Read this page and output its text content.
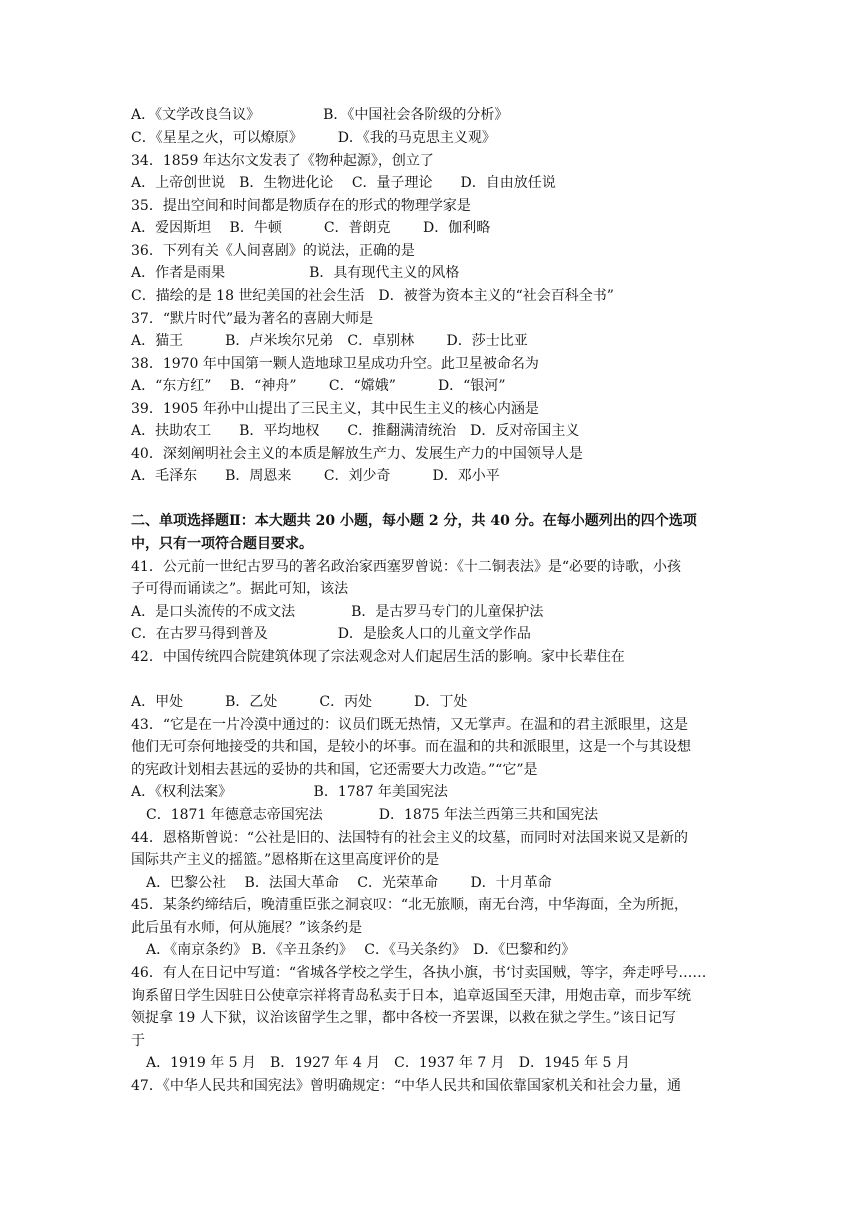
A．《文学改良刍议》　　　　　B．《中国社会各阶级的分析》
C．《星星之火，可以燎原》　　　D．《我的马克思主义观》
34．1859 年达尔文发表了《物种起源》，创立了
A．上帝创世说　B．生物进化论　 C．量子理论　　D．自由放任说
35．提出空间和时间都是物质存在的形式的物理学家是
A．爱因斯坦　 B．牛顿　　　C．普朗克　　 D．伽利略
36．下列有关《人间喜剧》的说法，正确的是
A．作者是雨果　　　　　　B．具有现代主义的风格
C．描绘的是 18 世纪美国的社会生活　D．被誉为资本主义的“社会百科全书”
37．“默片时代”最为著名的喜剧大师是
A．猫王　　　B．卢米埃尔兄弟　C．卓别林　　 D．莎士比亚
38．1970 年中国第一颗人造地球卫星成功升空。此卫星被命名为
A．“东方红”　 B．“神舟”　　 C．“嫦娥”　　　D．“银河”
39．1905 年孙中山提出了三民主义，其中民生主义的核心内涵是
A．扶助农工　　B．平均地权　　C．推翻满清统治　D．反对帝国主义
40．深刻阐明社会主义的本质是解放生产力、发展生产力的中国领导人是
A．毛泽东　　B．周恩来　　 C．刘少奇　　　D．邓小平
二、单项选择题Ⅱ：本大题共 20 小题，每小题 2 分，共 40 分。在每小题列出的四个选项
中，只有一项符合题目要求。
41．公元前一世纪古罗马的著名政治家西塞罗曾说：《十二铜表法》是“必要的诗歌，小孩
子可得而诵读之”。据此可知，该法
A．是口头流传的不成文法　　　　B．是古罗马专门的儿童保护法
C．在古罗马得到普及　　　　　D．是脍炙人口的儿童文学作品
42．中国传统四合院建筑体现了宗法观念对人们起居生活的影响。家中长辈住在
A．甲处　　　B．乙处　　　C．丙处　　　D．丁处
43．“它是在一片冷漠中通过的：议员们既无热情，又无掌声。在温和的君主派眼里，这是
他们无可奈何地接受的共和国，是较小的坏事。而在温和的共和派眼里，这是一个与其设想
的宪政计划相去甚远的妥协的共和国，它还需要大力改造。”“它”是
A．《权利法案》　　　　　　 B．1787 年美国宪法
C．1871 年德意志帝国宪法　　　　D．1875 年法兰西第三共和国宪法
44．恩格斯曾说：“公社是旧的、法国特有的社会主义的坟墓，而同时对法国来说又是新的
国际共产主义的摇篮。”恩格斯在这里高度评价的是
A．巴黎公社　 B．法国大革命　 C．光荣革命　　 D．十月革命
45．某条约缔结后，晚清重臣张之洞哀叹：“北无旅顺，南无台湾，中华海面，全为所扼，
此后虽有水师，何从施展？”该条约是
A．《南京条约》 B．《辛丑条约》　 C．《马关条约》　D．《巴黎和约》
46．有人在日记中写道：“省城各学校之学生，各执小旗，书‘讨卖国贼，等字，奔走呼号……
询系留日学生因驻日公使章宗祥将青岛私卖于日本，追章返国至天津，用炮击章，而步军统
领捉拿 19 人下狱，议治该留学生之罪，都中各校一齐罢课，以救在狱之学生。”该日记写
于
A．1919 年 5 月　B．1927 年 4 月　C．1937 年 7 月　D．1945 年 5 月
47．《中华人民共和国宪法》曾明确规定：“中华人民共和国依靠国家机关和社会力量，通
